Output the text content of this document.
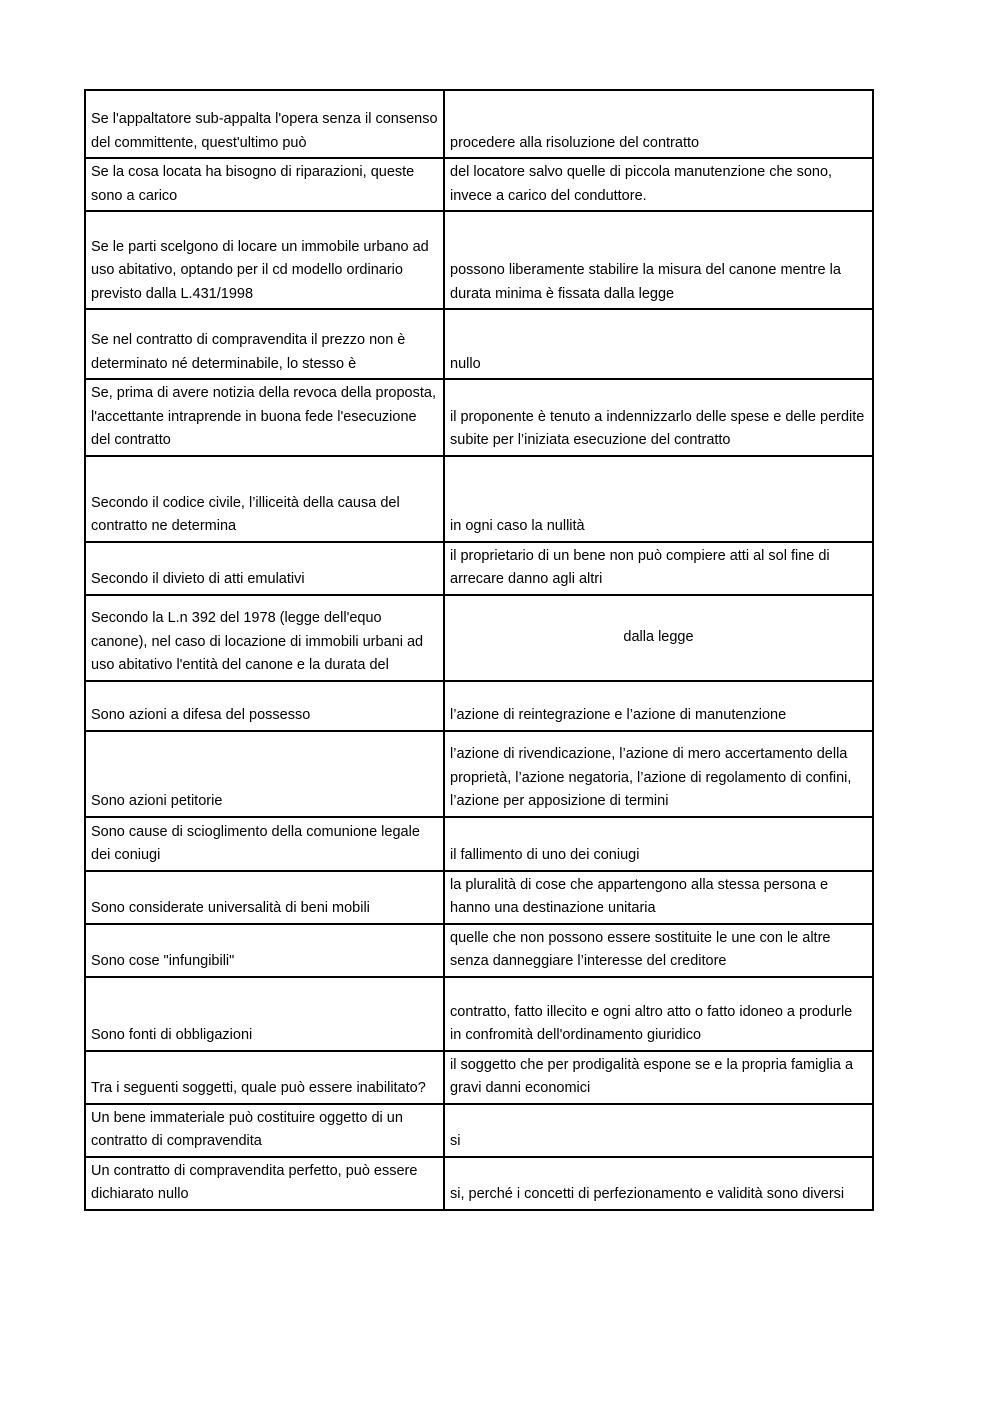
Se l'appaltatore sub-appalta l'opera senza il consenso del committente, quest'ultimo può	procedere alla risoluzione del contratto
Se la cosa locata ha bisogno di riparazioni, queste sono a carico	del locatore salvo quelle di piccola manutenzione che sono, invece a carico del conduttore.
Se le parti scelgono di locare un immobile urbano ad uso abitativo, optando per il cd modello ordinario previsto dalla L.431/1998	possono liberamente stabilire la misura del canone mentre la durata minima è fissata dalla legge
Se nel contratto di compravendita il prezzo non è determinato né determinabile, lo stesso è	nullo
Se, prima di avere notizia della revoca della proposta, l'accettante intraprende in buona fede l'esecuzione del contratto	il proponente è tenuto a indennizzarlo delle spese e delle perdite subite per l’iniziata esecuzione del contratto
Secondo il codice civile, l’illiceità della causa del contratto ne determina	in ogni caso la nullità
Secondo il divieto di atti emulativi	il proprietario di un bene non può compiere atti al sol fine di arrecare danno agli altri
Secondo la L.n 392 del 1978 (legge dell'equo canone), nel caso di locazione di immobili urbani ad uso abitativo l'entità del canone e la durata del	dalla legge
Sono azioni a difesa del possesso	l’azione di reintegrazione e l’azione di manutenzione
Sono azioni petitorie	l’azione di rivendicazione, l’azione di mero accertamento della proprietà, l’azione negatoria, l’azione di regolamento di confini, l’azione per apposizione di termini
Sono cause di scioglimento della comunione legale dei coniugi	il fallimento di uno dei coniugi
Sono considerate universalità di beni mobili	la pluralità di cose che appartengono alla stessa persona e hanno una destinazione unitaria
Sono cose "infungibili"	quelle che non possono essere sostituite le une con le altre senza danneggiare l’interesse del creditore
Sono fonti di obbligazioni	contratto, fatto illecito e ogni altro atto o fatto idoneo a produrle in confromità dell'ordinamento giuridico
Tra i seguenti soggetti, quale può essere inabilitato?	il soggetto che per prodigalità espone se e la propria famiglia a gravi danni economici
Un bene immateriale può costituire oggetto di un contratto di compravendita	si
Un contratto di compravendita perfetto, può essere dichiarato nullo	si, perché i concetti di perfezionamento e validità sono diversi
